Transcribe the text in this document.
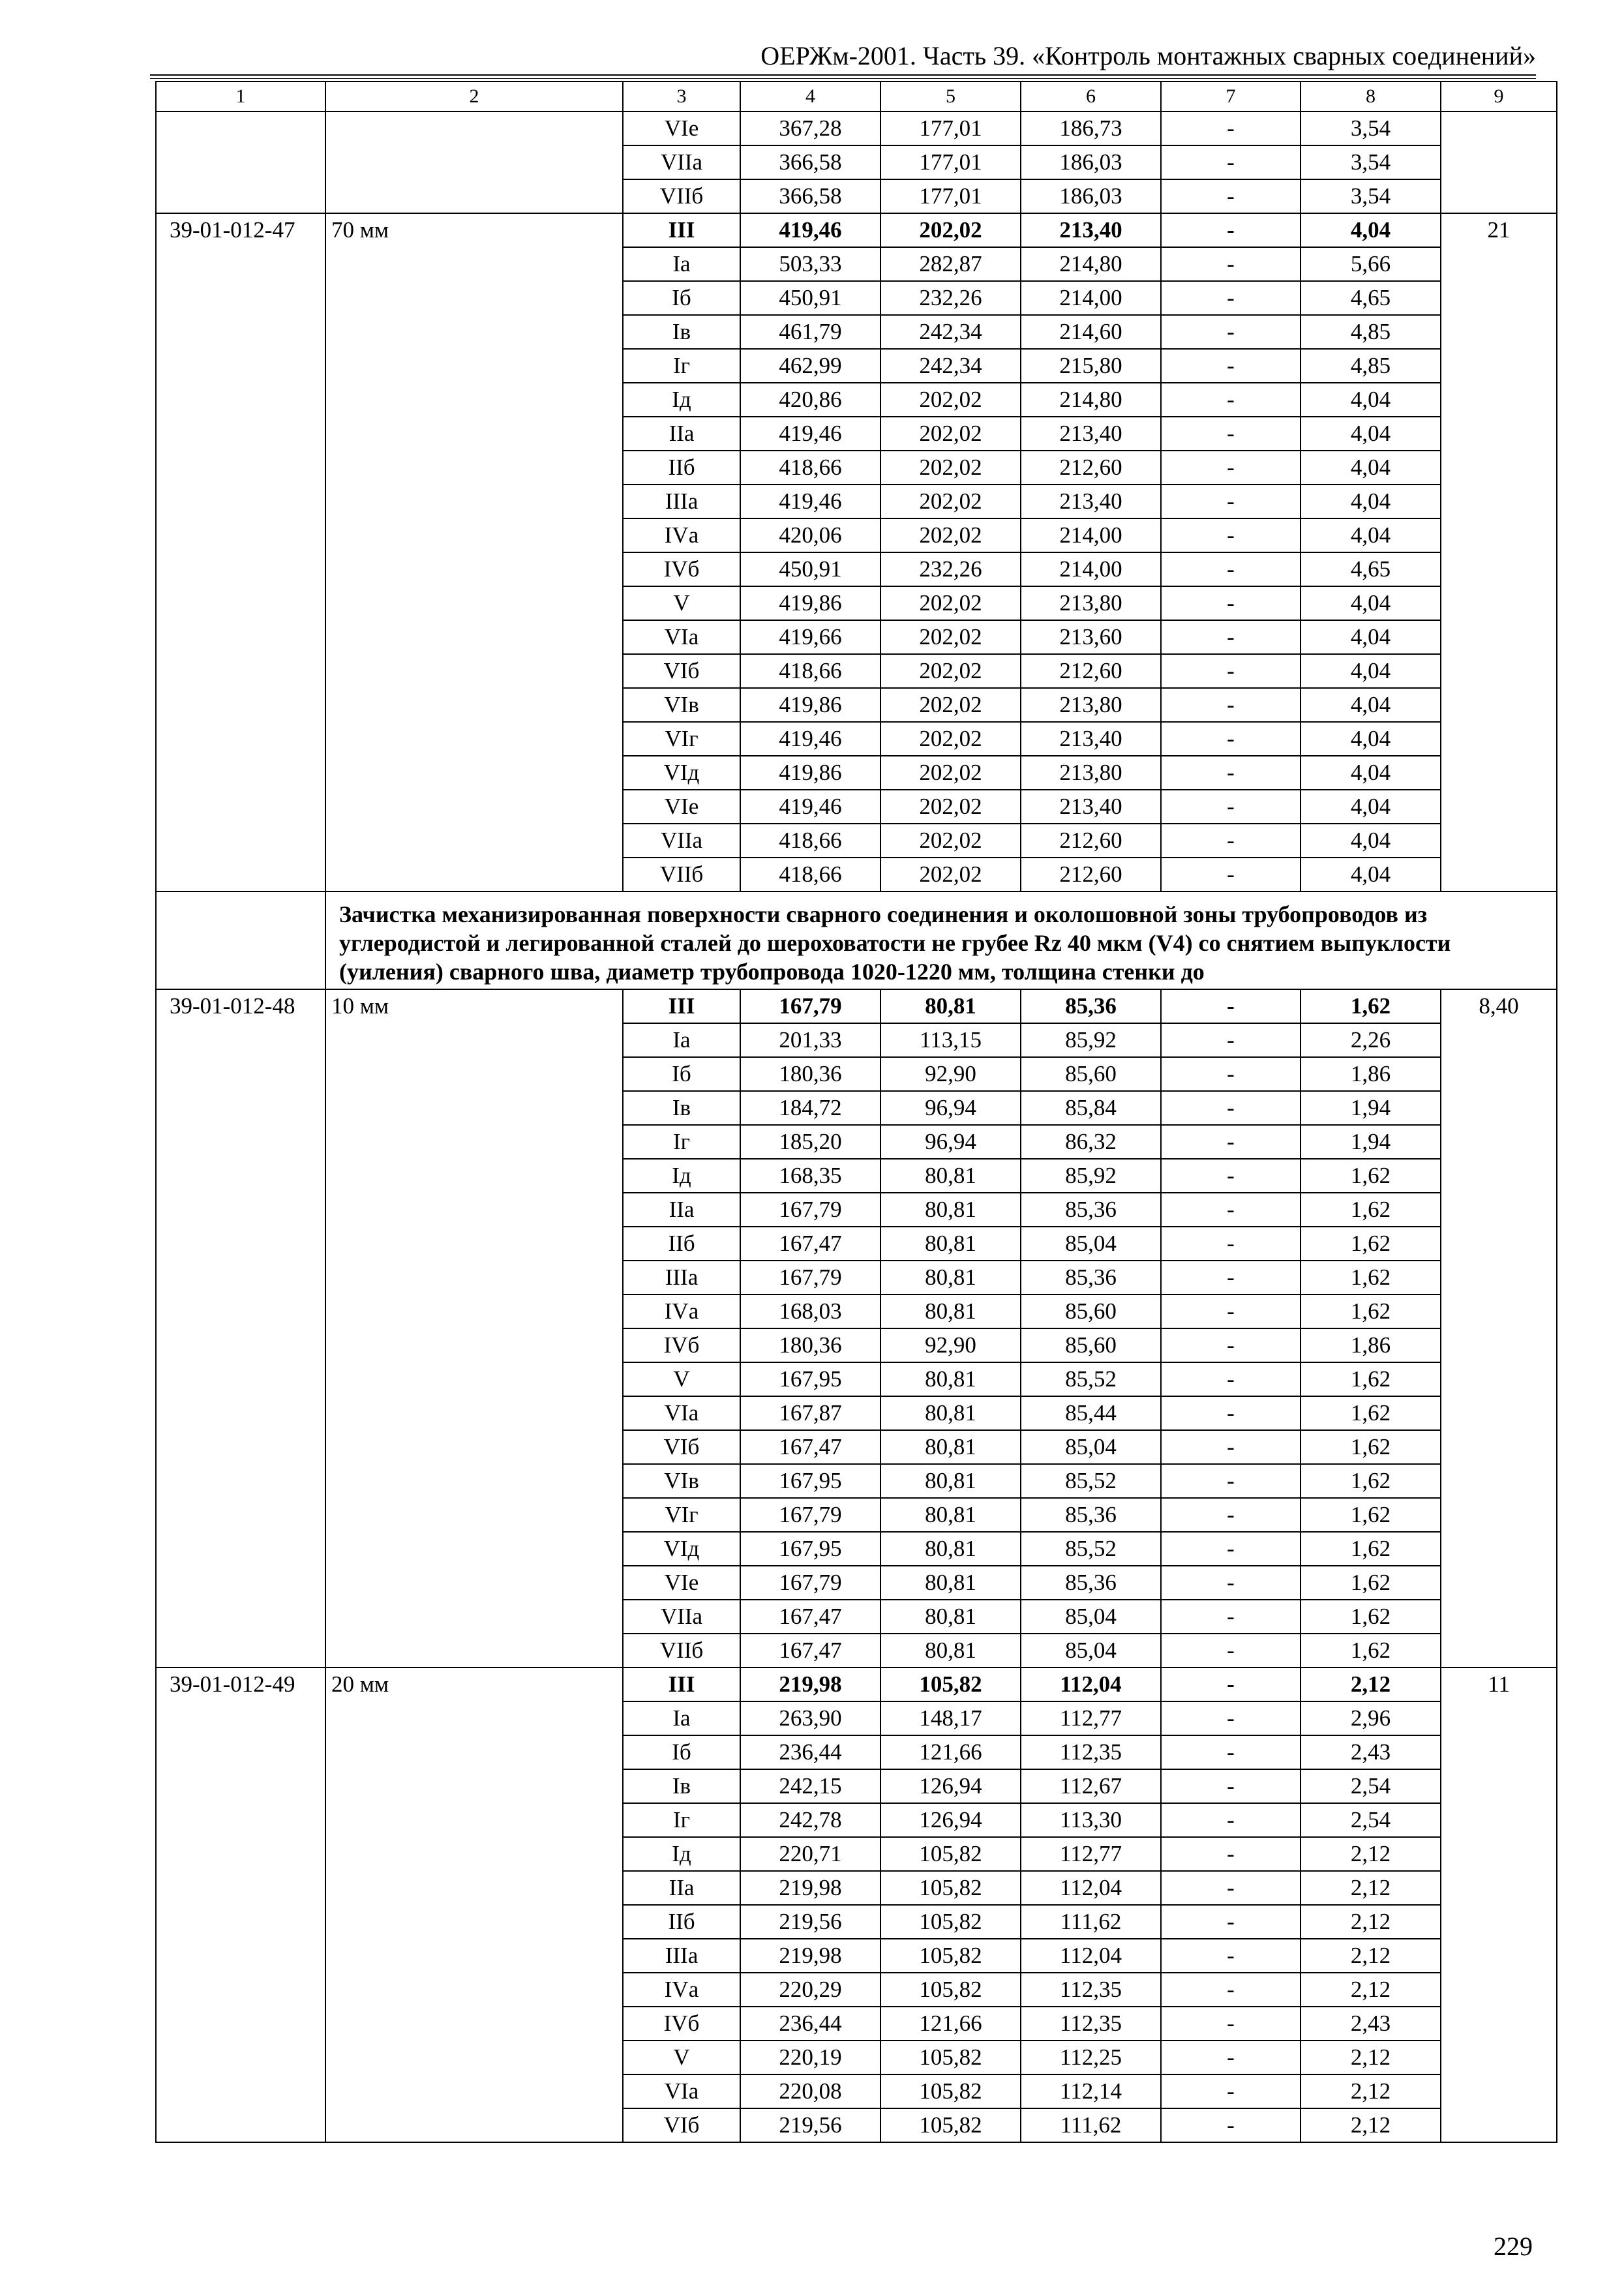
ОЕРЖм-2001. Часть 39. «Контроль монтажных сварных соединений»
1	2	3	4	5	6	7	8	9
		VIе	367,28	177,01	186,73	-	3,54	
		VIIа	366,58	177,01	186,03	-	3,54	
		VIIб	366,58	177,01	186,03	-	3,54	
39-01-012-47	70 мм	III	419,46	202,02	213,40	-	4,04	21
		Iа	503,33	282,87	214,80	-	5,66	
		Iб	450,91	232,26	214,00	-	4,65	
		Iв	461,79	242,34	214,60	-	4,85	
		Iг	462,99	242,34	215,80	-	4,85	
		Iд	420,86	202,02	214,80	-	4,04	
		IIа	419,46	202,02	213,40	-	4,04	
		IIб	418,66	202,02	212,60	-	4,04	
		IIIа	419,46	202,02	213,40	-	4,04	
		IVа	420,06	202,02	214,00	-	4,04	
		IVб	450,91	232,26	214,00	-	4,65	
		V	419,86	202,02	213,80	-	4,04	
		VIа	419,66	202,02	213,60	-	4,04	
		VIб	418,66	202,02	212,60	-	4,04	
		VIв	419,86	202,02	213,80	-	4,04	
		VIг	419,46	202,02	213,40	-	4,04	
		VIд	419,86	202,02	213,80	-	4,04	
		VIе	419,46	202,02	213,40	-	4,04	
		VIIа	418,66	202,02	212,60	-	4,04	
		VIIб	418,66	202,02	212,60	-	4,04	
	Зачистка механизированная поверхности сварного соединения и околошовной зоны трубопроводов из углеродистой и легированной сталей до шероховатости не грубее Rz 40 мкм (V4) со снятием выпуклости (уиления) сварного шва, диаметр трубопровода 1020-1220 мм, толщина стенки до							
39-01-012-48	10 мм	III	167,79	80,81	85,36	-	1,62	8,40
		Iа	201,33	113,15	85,92	-	2,26	
		Iб	180,36	92,90	85,60	-	1,86	
		Iв	184,72	96,94	85,84	-	1,94	
		Iг	185,20	96,94	86,32	-	1,94	
		Iд	168,35	80,81	85,92	-	1,62	
		IIа	167,79	80,81	85,36	-	1,62	
		IIб	167,47	80,81	85,04	-	1,62	
		IIIа	167,79	80,81	85,36	-	1,62	
		IVа	168,03	80,81	85,60	-	1,62	
		IVб	180,36	92,90	85,60	-	1,86	
		V	167,95	80,81	85,52	-	1,62	
		VIа	167,87	80,81	85,44	-	1,62	
		VIб	167,47	80,81	85,04	-	1,62	
		VIв	167,95	80,81	85,52	-	1,62	
		VIг	167,79	80,81	85,36	-	1,62	
		VIд	167,95	80,81	85,52	-	1,62	
		VIе	167,79	80,81	85,36	-	1,62	
		VIIа	167,47	80,81	85,04	-	1,62	
		VIIб	167,47	80,81	85,04	-	1,62	
39-01-012-49	20 мм	III	219,98	105,82	112,04	-	2,12	11
		Iа	263,90	148,17	112,77	-	2,96	
		Iб	236,44	121,66	112,35	-	2,43	
		Iв	242,15	126,94	112,67	-	2,54	
		Iг	242,78	126,94	113,30	-	2,54	
		Iд	220,71	105,82	112,77	-	2,12	
		IIа	219,98	105,82	112,04	-	2,12	
		IIб	219,56	105,82	111,62	-	2,12	
		IIIа	219,98	105,82	112,04	-	2,12	
		IVа	220,29	105,82	112,35	-	2,12	
		IVб	236,44	121,66	112,35	-	2,43	
		V	220,19	105,82	112,25	-	2,12	
		VIа	220,08	105,82	112,14	-	2,12	
		VIб	219,56	105,82	111,62	-	2,12	
229
